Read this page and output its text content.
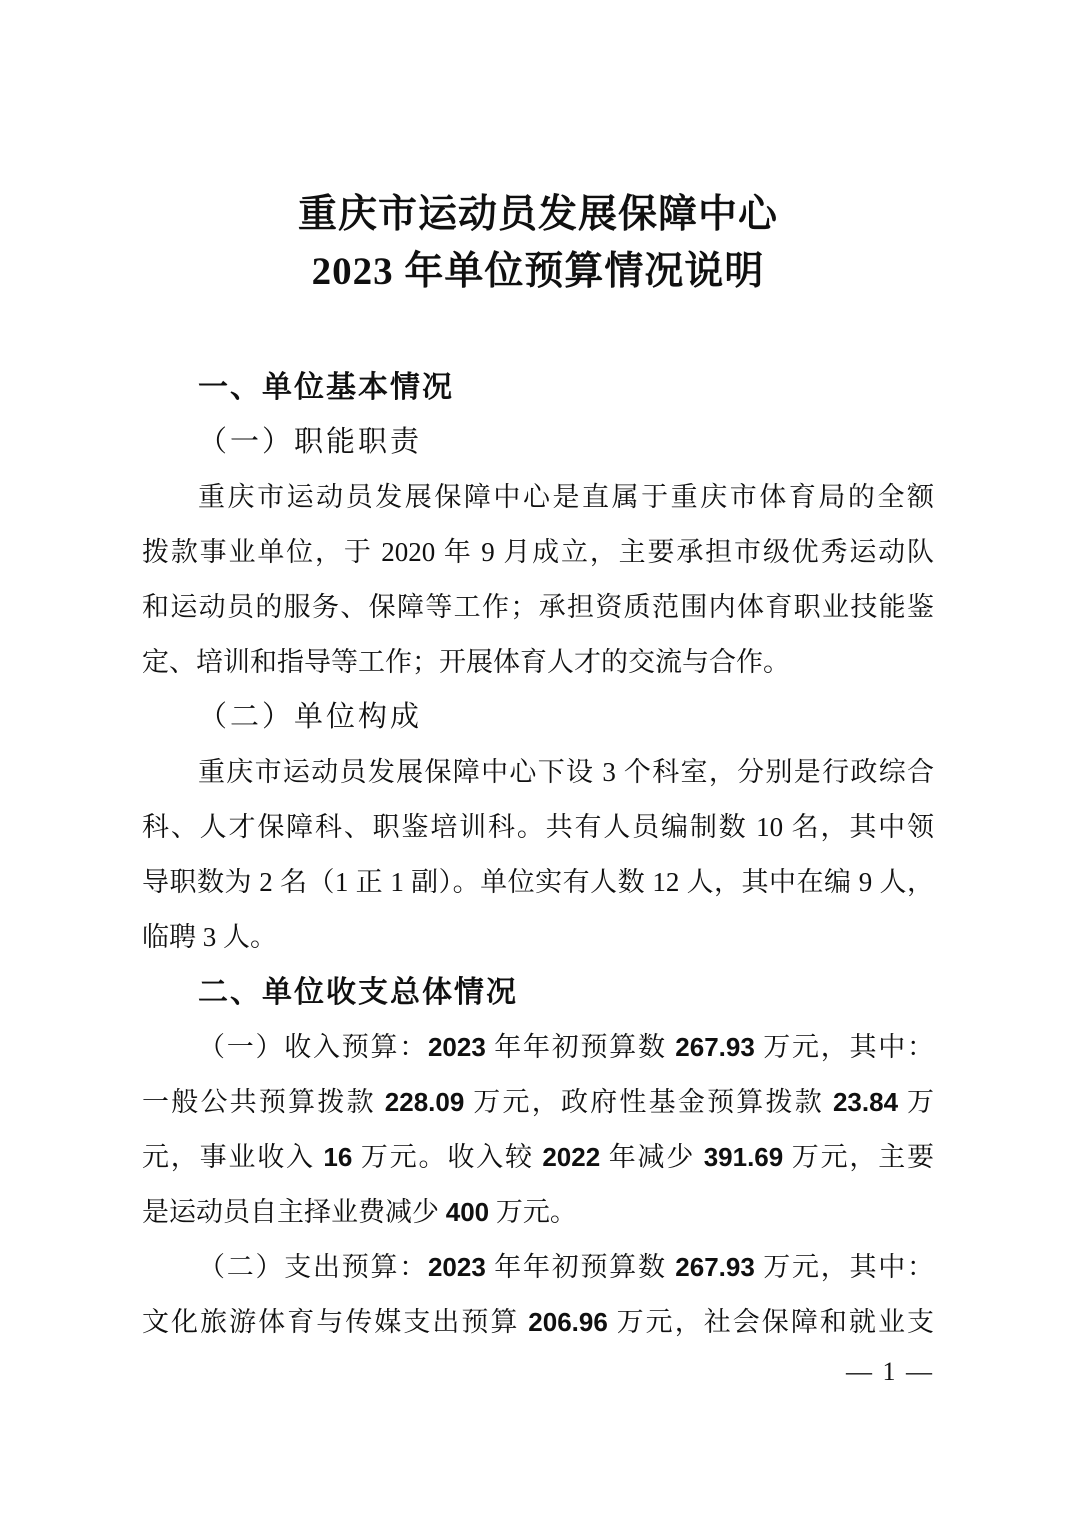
重庆市运动员发展保障中心
2023 年单位预算情况说明
一、单位基本情况
（一）职能职责
重庆市运动员发展保障中心是直属于重庆市体育局的全额
拨款事业单位，于 2020 年 9 月成立，主要承担市级优秀运动队
和运动员的服务、保障等工作；承担资质范围内体育职业技能鉴
定、培训和指导等工作；开展体育人才的交流与合作。
（二）单位构成
重庆市运动员发展保障中心下设 3 个科室，分别是行政综合
科、人才保障科、职鉴培训科。共有人员编制数 10 名，其中领
导职数为 2 名（1 正 1 副）。单位实有人数 12 人，其中在编 9 人，
临聘 3 人。
二、单位收支总体情况
（一）收入预算：2023 年年初预算数 267.93 万元，其中：
一般公共预算拨款 228.09 万元，政府性基金预算拨款 23.84 万
元，事业收入 16 万元。收入较 2022 年减少 391.69 万元，主要
是运动员自主择业费减少 400 万元。
（二）支出预算：2023 年年初预算数 267.93 万元，其中：
文化旅游体育与传媒支出预算 206.96 万元，社会保障和就业支
— 1 —
